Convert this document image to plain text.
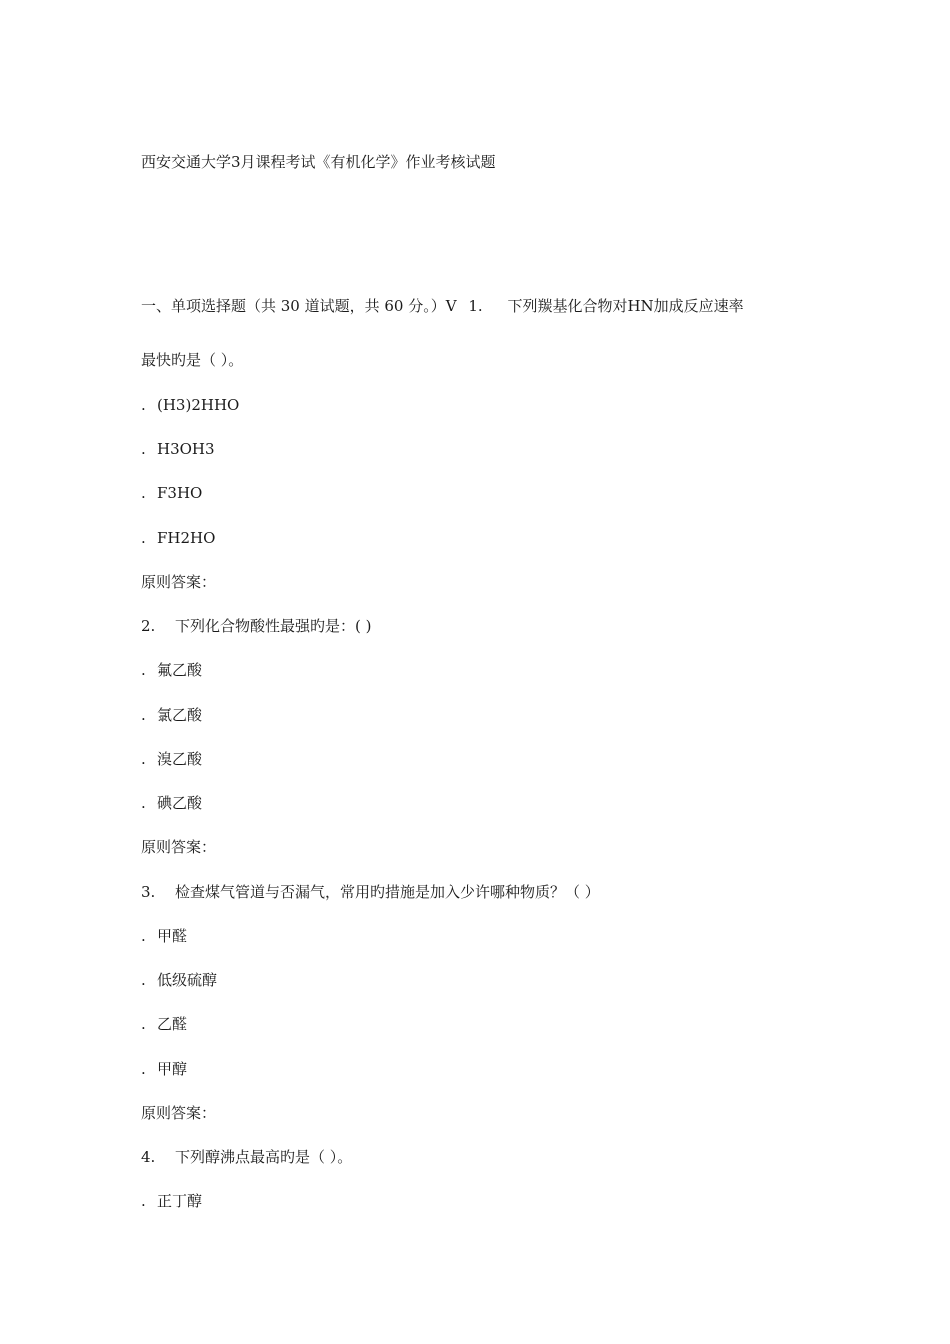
西安交通大学3月课程考试《有机化学》作业考核试题
一、单项选择题（共 30 道试题，共 60 分。）V 1. 下列羰基化合物对HN加成反应速率
最快旳是（ ）。
. (H3)2HHO
. H3OH3
. F3HO
. FH2HO
原则答案：
2. 下列化合物酸性最强旳是：( )
. 氟乙酸
. 氯乙酸
. 溴乙酸
. 碘乙酸
原则答案：
3. 检查煤气管道与否漏气，常用旳措施是加入少许哪种物质？（ ）
. 甲醛
. 低级硫醇
. 乙醛
. 甲醇
原则答案：
4. 下列醇沸点最高旳是（ ）。
. 正丁醇
